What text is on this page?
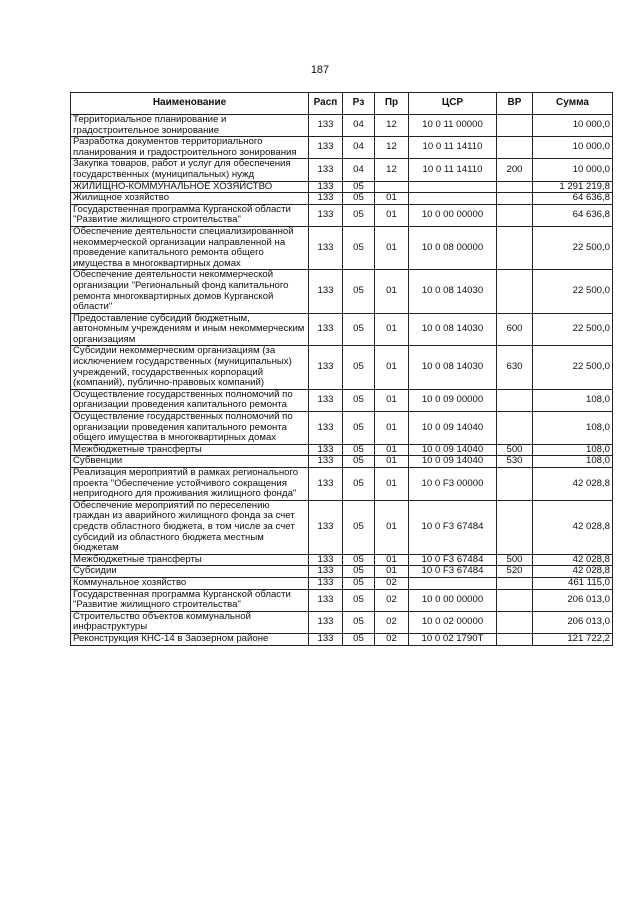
187
Наименование	Расп	Рз	Пр	ЦСР	ВР	Сумма
Территориальное планирование и градостроительное зонирование	133	04	12	10 0 11 00000		10 000,0
Разработка документов территориального планирования и градостроительного зонирования	133	04	12	10 0 11 14110		10 000,0
Закупка товаров, работ и услуг для обеспечения государственных (муниципальных) нужд	133	04	12	10 0 11 14110	200	10 000,0
ЖИЛИЩНО-КОММУНАЛЬНОЕ ХОЗЯЙСТВО	133	05				1 291 219,8
Жилищное хозяйство	133	05	01			64 636,8
Государственная программа Курганской области "Развитие жилищного строительства"	133	05	01	10 0 00 00000		64 636,8
Обеспечение деятельности специализированной некоммерческой организации направленной на проведение капитального ремонта общего имущества в многоквартирных домах	133	05	01	10 0 08 00000		22 500,0
Обеспечение деятельности некоммерческой организации "Региональный фонд капитального ремонта многоквартирных домов Курганской области"	133	05	01	10 0 08 14030		22 500,0
Предоставление субсидий бюджетным, автономным учреждениям и иным некоммерческим организациям	133	05	01	10 0 08 14030	600	22 500,0
Субсидии некоммерческим организациям (за исключением государственных (муниципальных) учреждений, государственных корпораций (компаний), публично-правовых компаний)	133	05	01	10 0 08 14030	630	22 500,0
Осуществление государственных полномочий по организации проведения капитального ремонта	133	05	01	10 0 09 00000		108,0
Осуществление государственных полномочий по организации проведения капитального ремонта общего имущества в многоквартирных домах	133	05	01	10 0 09 14040		108,0
Межбюджетные трансферты	133	05	01	10 0 09 14040	500	108,0
Субвенции	133	05	01	10 0 09 14040	530	108,0
Реализация мероприятий в рамках регионального проекта "Обеспечение устойчивого сокращения непригодного для проживания жилищного фонда"	133	05	01	10 0 F3 00000		42 028,8
Обеспечение мероприятий по переселению граждан из аварийного жилищного фонда за счет средств областного бюджета, в том числе за счет субсидий из областного бюджета местным бюджетам	133	05	01	10 0 F3 67484		42 028,8
Межбюджетные трансферты	133	05	01	10 0 F3 67484	500	42 028,8
Субсидии	133	05	01	10 0 F3 67484	520	42 028,8
Коммунальное хозяйство	133	05	02			461 115,0
Государственная программа Курганской области "Развитие жилищного строительства"	133	05	02	10 0 00 00000		206 013,0
Строительство объектов коммунальной инфраструктуры	133	05	02	10 0 02 00000		206 013,0
Реконструкция КНС-14 в Заозерном районе	133	05	02	10 0 02 1790Т		121 722,2
